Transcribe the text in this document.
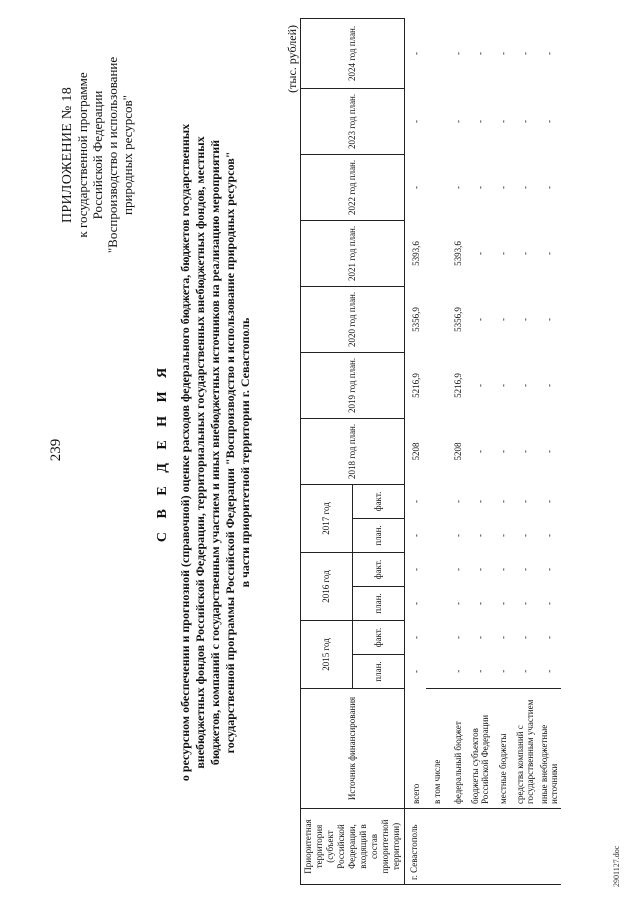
239
ПРИЛОЖЕНИЕ № 18 к государственной программе Российской Федерации "Воспроизводство и использование природных ресурсов"
С В Е Д Е Н И Я о ресурсном обеспечении и прогнозной (справочной) оценке расходов федерального бюджета, бюджетов государственных внебюджетных фондов Российской Федерации, территориальных государственных внебюджетных фондов, местных бюджетов, компаний с государственным участием и иных внебюджетных источников на реализацию мероприятий государственной программы Российской Федерации "Воспроизводство и использование природных ресурсов" в части приоритетной территории г. Севастополь
(тыс. рублей)
Приоритетная территория (субъект Российской Федерации, входящий в состав приоритетной территории)	Источник финансирования	2015 год		2016 год		2017 год		2018 год план.	2019 год план.	2020 год план.	2021 год план.	2022 год план.	2023 год план.	2024 год план.
		план.	факт.	план.	факт.	план.	факт.							
г. Севастополь	всего	-	-	-	-	-	-	5208	5216,9	5356,9	5393,6	-	-	-
	в том числе													
	федеральный бюджет	-	-	-	-	-	-	5208	5216,9	5356,9	5393,6	-	-	-
	бюджеты субъектов Российской Федерации	-	-	-	-	-	-	-	-	-	-	-	-	-
	местные бюджеты	-	-	-	-	-	-	-	-	-	-	-	-	-
	средства компаний с государственным участием	-	-	-	-	-	-	-	-	-	-	-	-	-
	иные внебюджетные источники	-	-	-	-	-	-	-	-	-	-	-	-	-
2901127.doc
